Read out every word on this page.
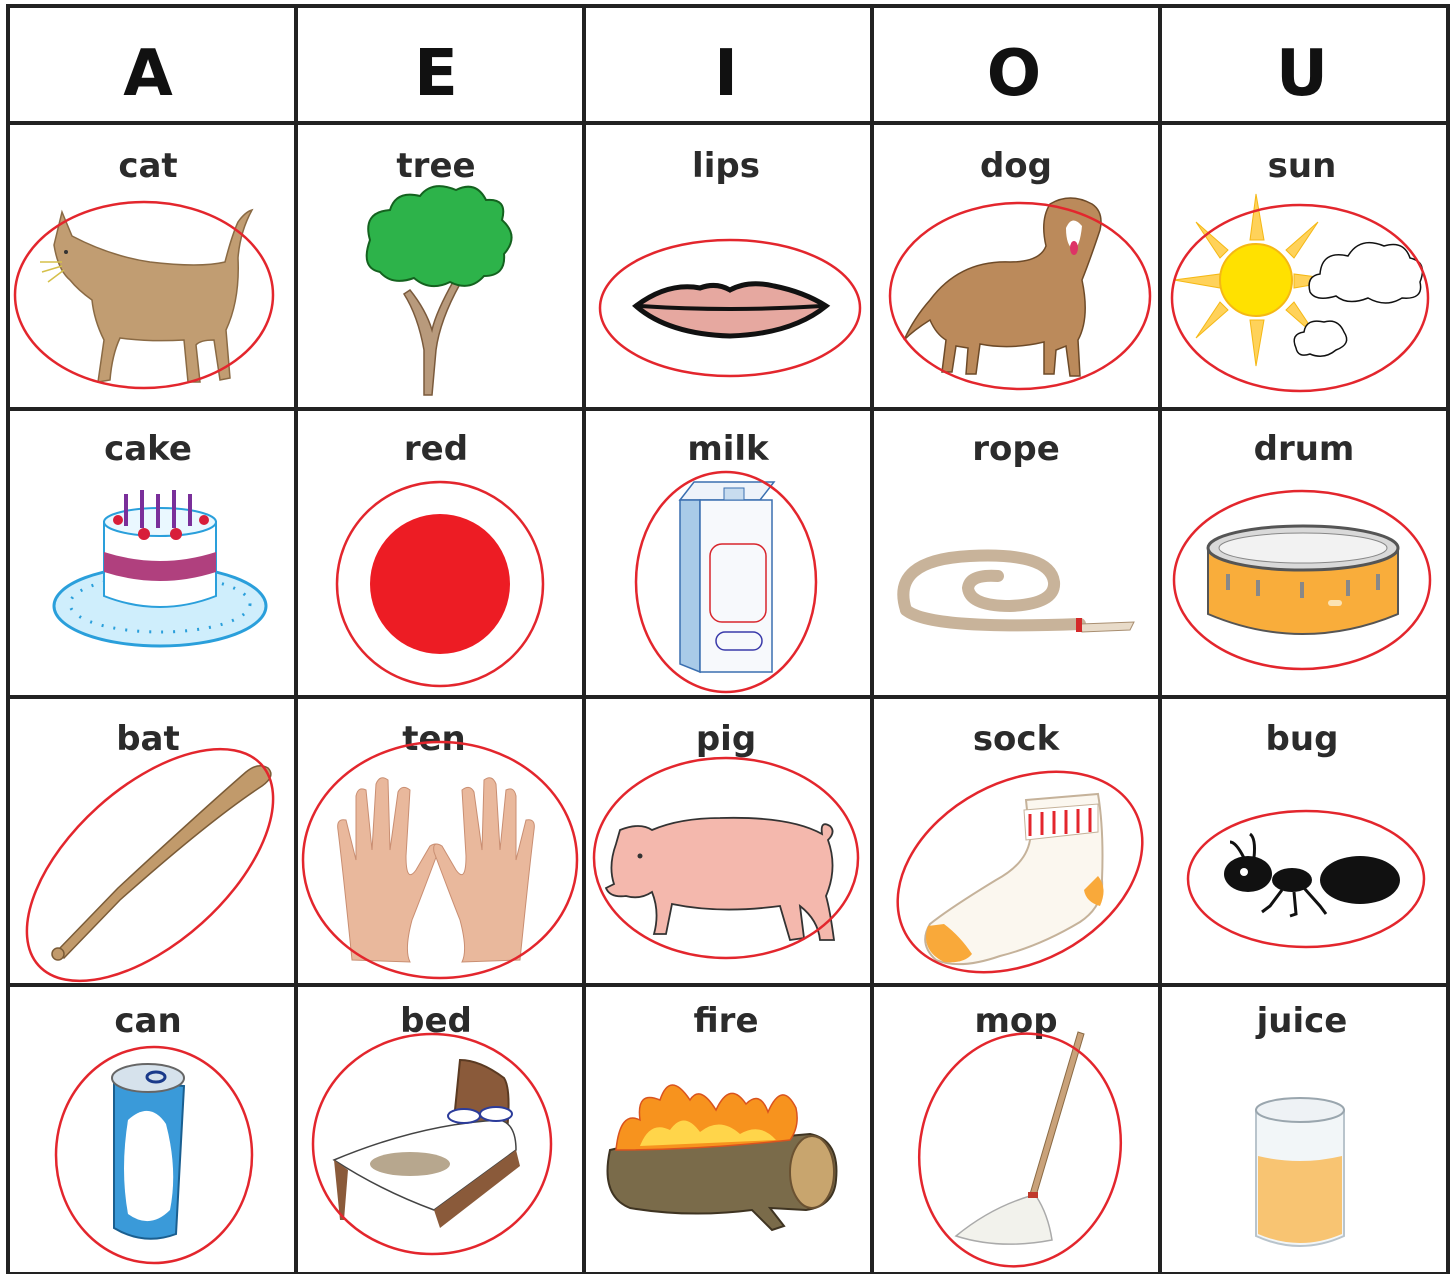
A	E	I	O	U
cat	tree	lips	dog	sun
cake	red	milk	rope	drum
bat	ten	pig	sock	bug
can	bed	fire	mop	juice
